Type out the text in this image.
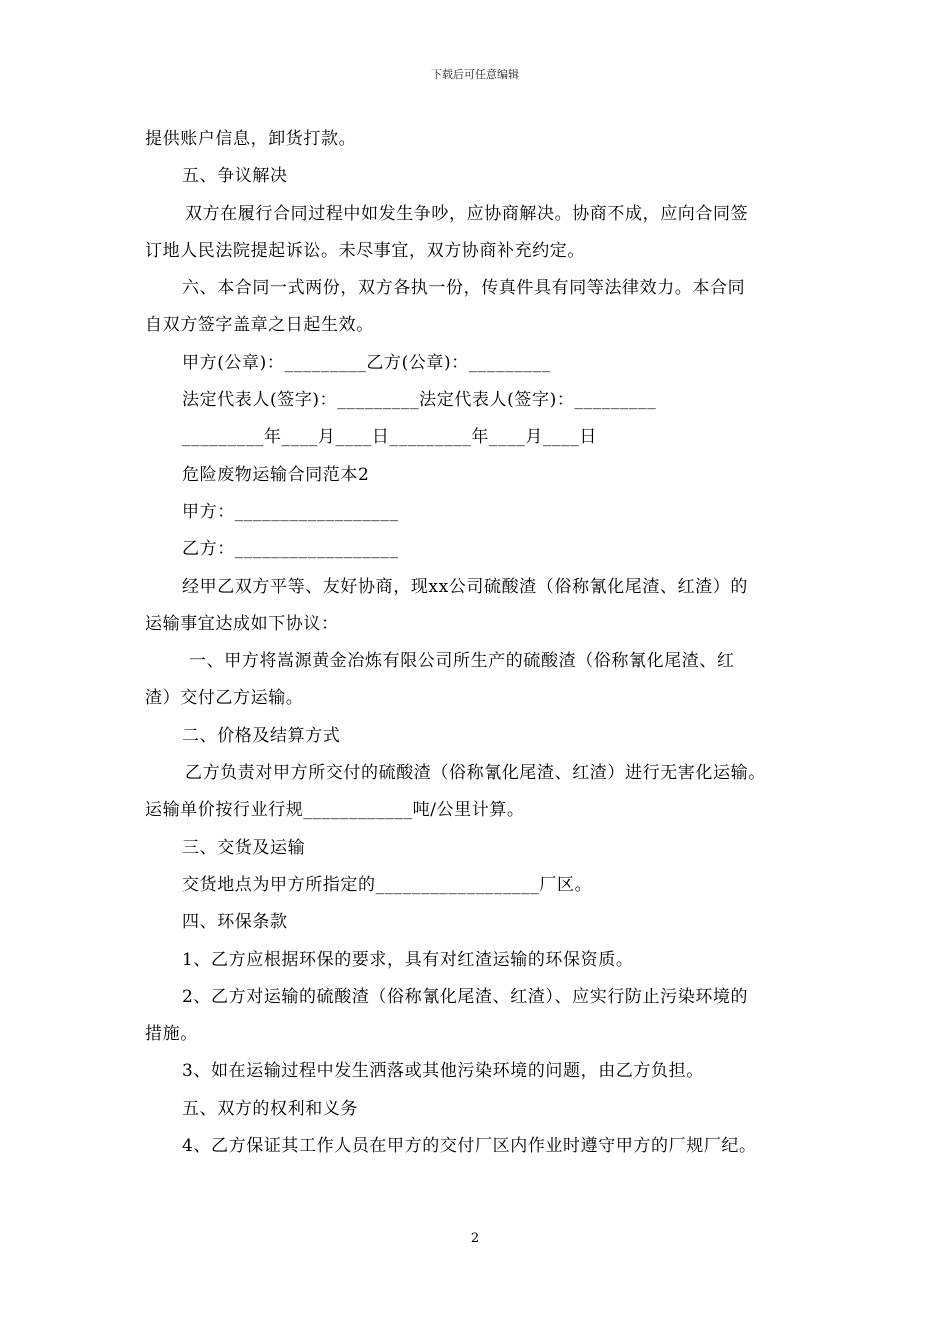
下载后可任意编辑
提供账户信息，卸货打款。
五、争议解决
双方在履行合同过程中如发生争吵，应协商解决。协商不成，应向合同签
订地人民法院提起诉讼。未尽事宜，双方协商补充约定。
六、本合同一式两份，双方各执一份，传真件具有同等法律效力。本合同
自双方签字盖章之日起生效。
甲方(公章)：_________乙方(公章)：_________
法定代表人(签字)：_________法定代表人(签字)：_________
_________年____月____日_________年____月____日
危险废物运输合同范本2
甲方：__________________
乙方：__________________
经甲乙双方平等、友好协商，现xx公司硫酸渣（俗称氰化尾渣、红渣）的
运输事宜达成如下协议：
一、甲方将嵩源黄金冶炼有限公司所生产的硫酸渣（俗称氰化尾渣、红
渣）交付乙方运输。
二、价格及结算方式
乙方负责对甲方所交付的硫酸渣（俗称氰化尾渣、红渣）进行无害化运输。
运输单价按行业行规____________吨/公里计算。
三、交货及运输
交货地点为甲方所指定的__________________厂区。
四、环保条款
1、乙方应根据环保的要求，具有对红渣运输的环保资质。
2、乙方对运输的硫酸渣（俗称氰化尾渣、红渣）、应实行防止污染环境的
措施。
3、如在运输过程中发生洒落或其他污染环境的问题，由乙方负担。
五、双方的权利和义务
4、乙方保证其工作人员在甲方的交付厂区内作业时遵守甲方的厂规厂纪。
2
